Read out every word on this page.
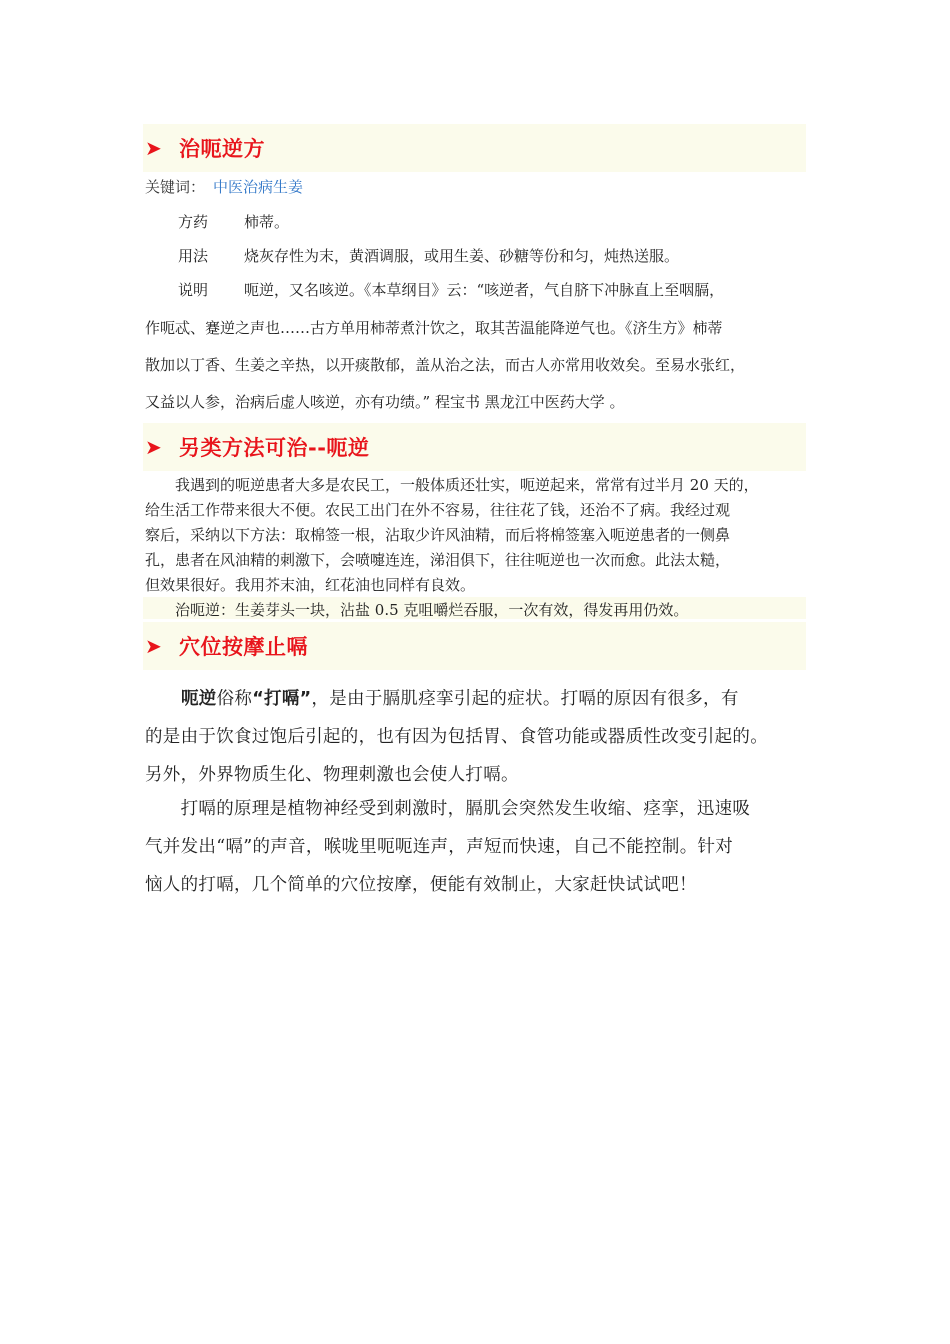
➤ 治呃逆方
关键词： 中医治病生姜
方药 柿蒂。
用法 烧灰存性为末，黄酒调服，或用生姜、砂糖等份和匀，炖热送服。
说明 呃逆，又名咳逆。《本草纲目》云：“咳逆者，气自脐下冲脉直上至咽膈，
作呃忒、蹇逆之声也……古方单用柿蒂煮汁饮之，取其苦温能降逆气也。《济生方》柿蒂
散加以丁香、生姜之辛热，以开痰散郁，盖从治之法，而古人亦常用收效矣。至易水张红，
又益以人参，治病后虚人咳逆，亦有功绩。” 程宝书 黑龙江中医药大学 。
➤ 另类方法可治--呃逆
　　我遇到的呃逆患者大多是农民工，一般体质还壮实，呃逆起来，常常有过半月 20 天的，
给生活工作带来很大不便。农民工出门在外不容易，往往花了钱，还治不了病。我经过观
察后，采纳以下方法：取棉签一根，沾取少许风油精，而后将棉签塞入呃逆患者的一侧鼻
孔，患者在风油精的刺激下，会喷嚏连连，涕泪俱下，往往呃逆也一次而愈。此法太糙，
但效果很好。我用芥末油，红花油也同样有良效。
　　治呃逆：生姜芽头一块，沾盐 0.5 克咀嚼烂吞服，一次有效，得发再用仍效。
➤ 穴位按摩止嗝
呃逆俗称“打嗝”，是由于膈肌痉挛引起的症状。打嗝的原因有很多，有
的是由于饮食过饱后引起的，也有因为包括胃、食管功能或器质性改变引起的。
另外，外界物质生化、物理刺激也会使人打嗝。
　　打嗝的原理是植物神经受到刺激时，膈肌会突然发生收缩、痉挛，迅速吸
气并发出“嗝”的声音，喉咙里呃呃连声，声短而快速，自己不能控制。针对
恼人的打嗝，几个简单的穴位按摩，便能有效制止，大家赶快试试吧！
